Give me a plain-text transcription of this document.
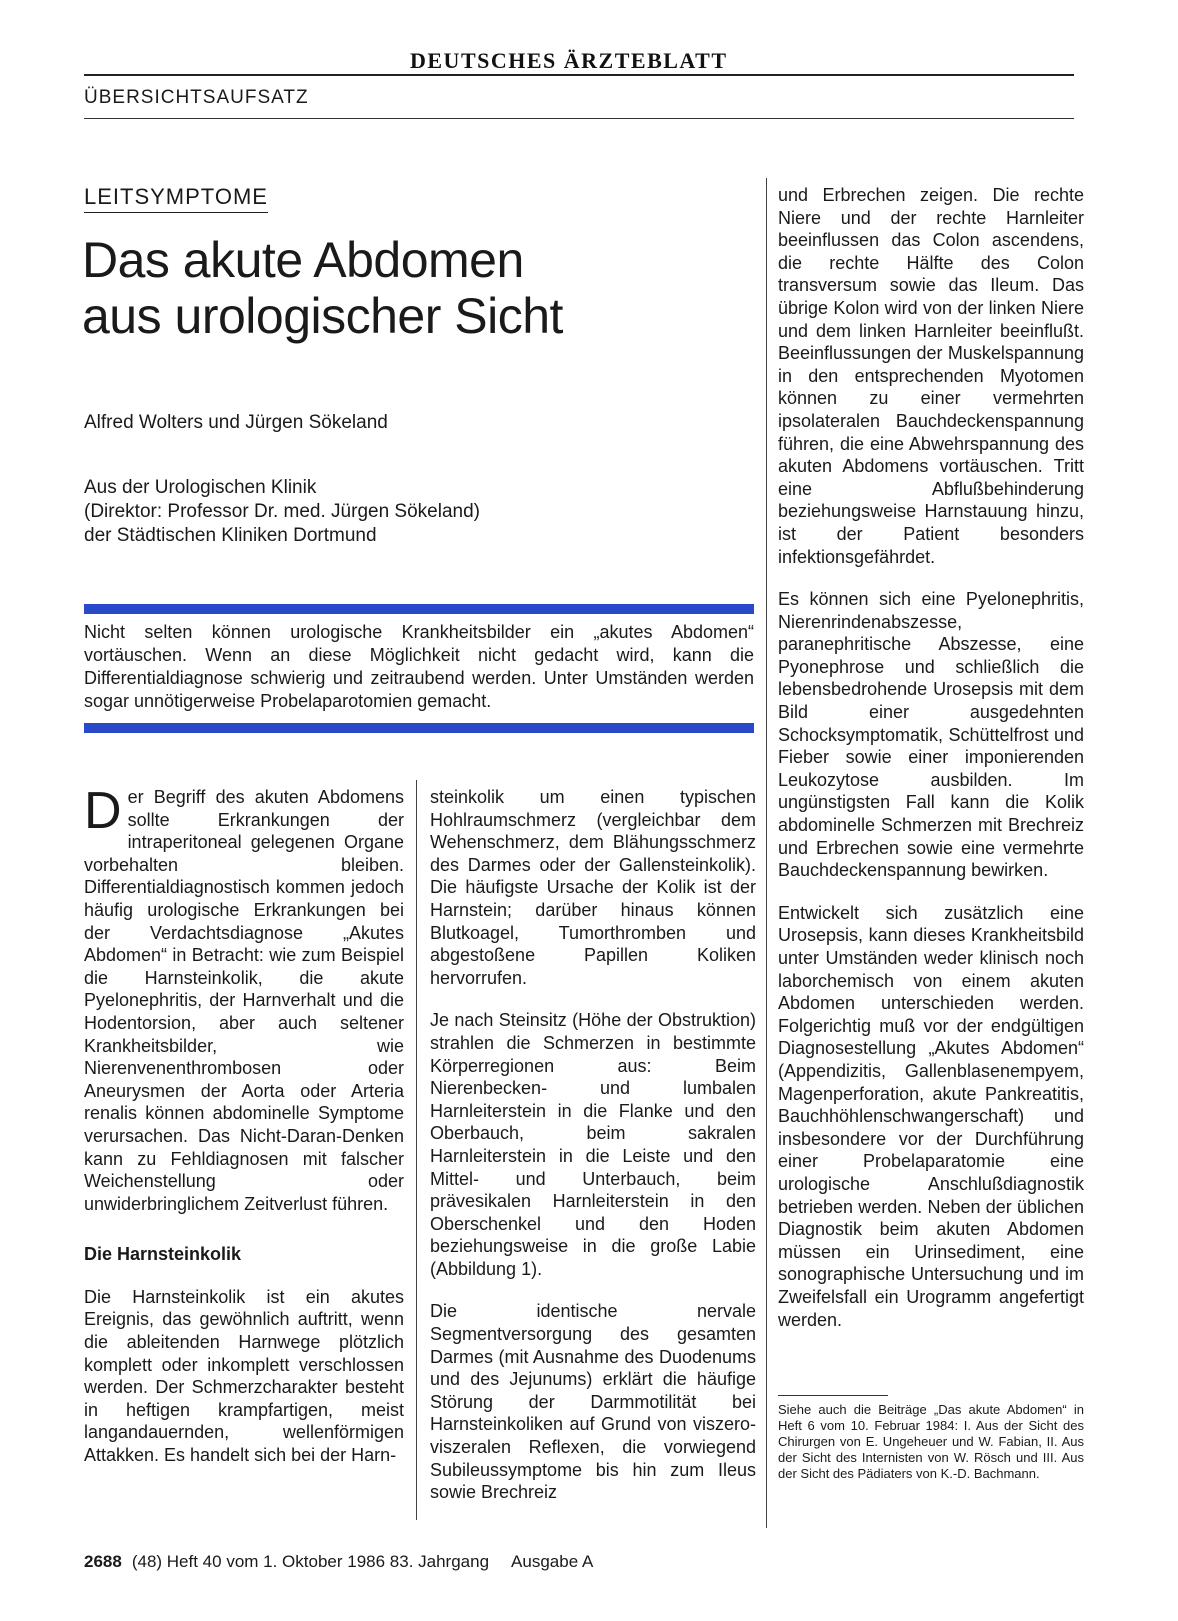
DEUTSCHES ÄRZTEBLATT
ÜBERSICHTSAUFSATZ
LEITSYMPTOME
Das akute Abdomen
aus urologischer Sicht
Alfred Wolters und Jürgen Sökeland
Aus der Urologischen Klinik
(Direktor: Professor Dr. med. Jürgen Sökeland)
der Städtischen Kliniken Dortmund

Nicht selten können urologische Krankheitsbilder ein „akutes Abdomen“ vortäuschen. Wenn an diese Möglichkeit nicht gedacht wird, kann die Differentialdiagnose schwierig und zeitraubend werden. Unter Umständen werden sogar unnötigerweise Probelaparotomien gemacht.

Der Begriff des akuten Abdomens sollte Erkrankungen der intraperitoneal gelegenen Organe vorbehalten bleiben. Differentialdiagnostisch kommen jedoch häufig urologische Erkrankungen bei der Verdachtsdiagnose „Akutes Abdomen“ in Betracht: wie zum Beispiel die Harnsteinkolik, die akute Pyelonephritis, der Harnverhalt und die Hodentorsion, aber auch seltener Krankheitsbilder, wie Nierenvenenthrombosen oder Aneurysmen der Aorta oder Arteria renalis können abdominelle Symptome verursachen. Das Nicht-Daran-Denken kann zu Fehldiagnosen mit falscher Weichenstellung oder unwiderbringlichem Zeitverlust führen.

Die Harnsteinkolik

Die Harnsteinkolik ist ein akutes Ereignis, das gewöhnlich auftritt, wenn die ableitenden Harnwege plötzlich komplett oder inkomplett verschlossen werden. Der Schmerzcharakter besteht in heftigen krampfartigen, meist langandauernden, wellenförmigen Attakken. Es handelt sich bei der Harn-

steinkolik um einen typischen Hohlraumschmerz (vergleichbar dem Wehenschmerz, dem Blähungsschmerz des Darmes oder der Gallensteinkolik). Die häufigste Ursache der Kolik ist der Harnstein; darüber hinaus können Blutkoagel, Tumorthromben und abgestoßene Papillen Koliken hervorrufen.

Je nach Steinsitz (Höhe der Obstruktion) strahlen die Schmerzen in bestimmte Körperregionen aus: Beim Nierenbecken- und lumbalen Harnleiterstein in die Flanke und den Oberbauch, beim sakralen Harnleiterstein in die Leiste und den Mittel- und Unterbauch, beim prävesikalen Harnleiterstein in den Oberschenkel und den Hoden beziehungsweise in die große Labie (Abbildung 1).

Die identische nervale Segmentversorgung des gesamten Darmes (mit Ausnahme des Duodenums und des Jejunums) erklärt die häufige Störung der Darmmotilität bei Harnsteinkoliken auf Grund von viszero-viszeralen Reflexen, die vorwiegend Subileussymptome bis hin zum Ileus sowie Brechreiz

und Erbrechen zeigen. Die rechte Niere und der rechte Harnleiter beeinflussen das Colon ascendens, die rechte Hälfte des Colon transversum sowie das Ileum. Das übrige Kolon wird von der linken Niere und dem linken Harnleiter beeinflußt. Beeinflussungen der Muskelspannung in den entsprechenden Myotomen können zu einer vermehrten ipsolateralen Bauchdeckenspannung führen, die eine Abwehrspannung des akuten Abdomens vortäuschen. Tritt eine Abflußbehinderung beziehungsweise Harnstauung hinzu, ist der Patient besonders infektionsgefährdet.

Es können sich eine Pyelonephritis, Nierenrindenabszesse, paranephritische Abszesse, eine Pyonephrose und schließlich die lebensbedrohende Urosepsis mit dem Bild einer ausgedehnten Schocksymptomatik, Schüttelfrost und Fieber sowie einer imponierenden Leukozytose ausbilden. Im ungünstigsten Fall kann die Kolik abdominelle Schmerzen mit Brechreiz und Erbrechen sowie eine vermehrte Bauchdeckenspannung bewirken.

Entwickelt sich zusätzlich eine Urosepsis, kann dieses Krankheitsbild unter Umständen weder klinisch noch laborchemisch von einem akuten Abdomen unterschieden werden. Folgerichtig muß vor der endgültigen Diagnosestellung „Akutes Abdomen“ (Appendizitis, Gallenblasenempyem, Magenperforation, akute Pankreatitis, Bauchhöhlenschwangerschaft) und insbesondere vor der Durchführung einer Probelaparatomie eine urologische Anschlußdiagnostik betrieben werden. Neben der üblichen Diagnostik beim akuten Abdomen müssen ein Urinsediment, eine sonographische Untersuchung und im Zweifelsfall ein Urogramm angefertigt werden.

Siehe auch die Beiträge „Das akute Abdomen“ in Heft 6 vom 10. Februar 1984: I. Aus der Sicht des Chirurgen von E. Ungeheuer und W. Fabian, II. Aus der Sicht des Internisten von W. Rösch und III. Aus der Sicht des Pädiaters von K.-D. Bachmann.
2688 (48) Heft 40 vom 1. Oktober 1986 83. Jahrgang Ausgabe A
